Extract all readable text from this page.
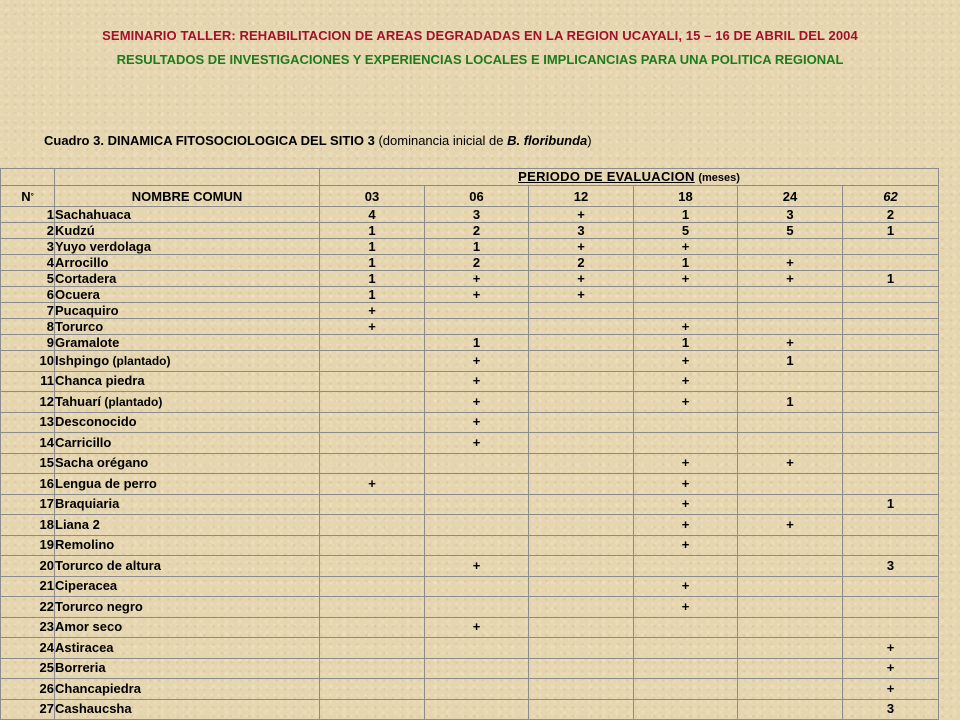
SEMINARIO TALLER: REHABILITACION DE AREAS DEGRADADAS EN LA REGION UCAYALI, 15 – 16 DE ABRIL DEL 2004
RESULTADOS DE INVESTIGACIONES Y EXPERIENCIAS LOCALES E IMPLICANCIAS PARA UNA POLITICA REGIONAL
Cuadro 3. DINAMICA FITOSOCIOLOGICA DEL SITIO 3 (dominancia inicial de B. floribunda)
		PERIODO DE EVALUACION (meses)					
N°	NOMBRE COMUN	03	06	12	18	24	62
1	Sachahuaca	4	3	+	1	3	2
2	Kudzú	1	2	3	5	5	1
3	Yuyo verdolaga	1	1	+	+		
4	Arrocillo	1	2	2	1	+	
5	Cortadera	1	+	+	+	+	1
6	Ocuera	1	+	+			
7	Pucaquiro	+					
8	Torurco	+			+		
9	Gramalote		1		1	+	
10	Ishpingo (plantado)		+		+	1	
11	Chanca piedra		+		+		
12	Tahuarí (plantado)		+		+	1	
13	Desconocido		+				
14	Carricillo		+				
15	Sacha orégano				+	+	
16	Lengua de perro	+			+		
17	Braquiaria				+		1
18	Liana 2				+	+	
19	Remolino				+		
20	Torurco de altura		+				3
21	Ciperacea				+		
22	Torurco negro				+		
23	Amor seco		+				
24	Astiracea						+
25	Borreria						+
26	Chancapiedra						+
27	Cashaucsha						3
